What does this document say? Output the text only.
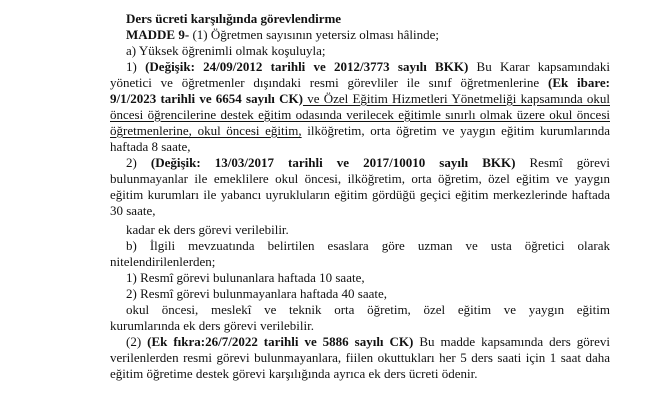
Ders ücreti karşılığında görevlendirme
MADDE 9- (1) Öğretmen sayısının yetersiz olması hâlinde;
a) Yüksek öğrenimli olmak koşuluyla;
1) (Değişik: 24/09/2012 tarihli ve 2012/3773 sayılı BKK) Bu Karar kapsamındaki
yönetici ve öğretmenler dışındaki resmi görevliler ile sınıf öğretmenlerine (Ek ibare:
9/1/2023 tarihli ve 6654 sayılı CK) ve Özel Eğitim Hizmetleri Yönetmeliği kapsamında okul
öncesi öğrencilerine destek eğitim odasında verilecek eğitimle sınırlı olmak üzere okul öncesi
öğretmenlerine, okul öncesi eğitim, ilköğretim, orta öğretim ve yaygın eğitim kurumlarında
haftada 8 saate,
2) (Değişik: 13/03/2017 tarihli ve 2017/10010 sayılı BKK) Resmî görevi
bulunmayanlar ile emeklilere okul öncesi, ilköğretim, orta öğretim, özel eğitim ve yaygın
eğitim kurumları ile yabancı uyrukluların eğitim gördüğü geçici eğitim merkezlerinde haftada
30 saate,
kadar ek ders görevi verilebilir.
b) İlgili mevzuatında belirtilen esaslara göre uzman ve usta öğretici olarak
nitelendirilenlerden;
1) Resmî görevi bulunanlara haftada 10 saate,
2) Resmî görevi bulunmayanlara haftada 40 saate,
okul öncesi, meslekî ve teknik orta öğretim, özel eğitim ve yaygın eğitim
kurumlarında ek ders görevi verilebilir.
(2) (Ek fıkra:26/7/2022 tarihli ve 5886 sayılı CK) Bu madde kapsamında ders görevi
verilenlerden resmi görevi bulunmayanlara, fiilen okuttukları her 5 ders saati için 1 saat daha
eğitim öğretime destek görevi karşılığında ayrıca ek ders ücreti ödenir.
